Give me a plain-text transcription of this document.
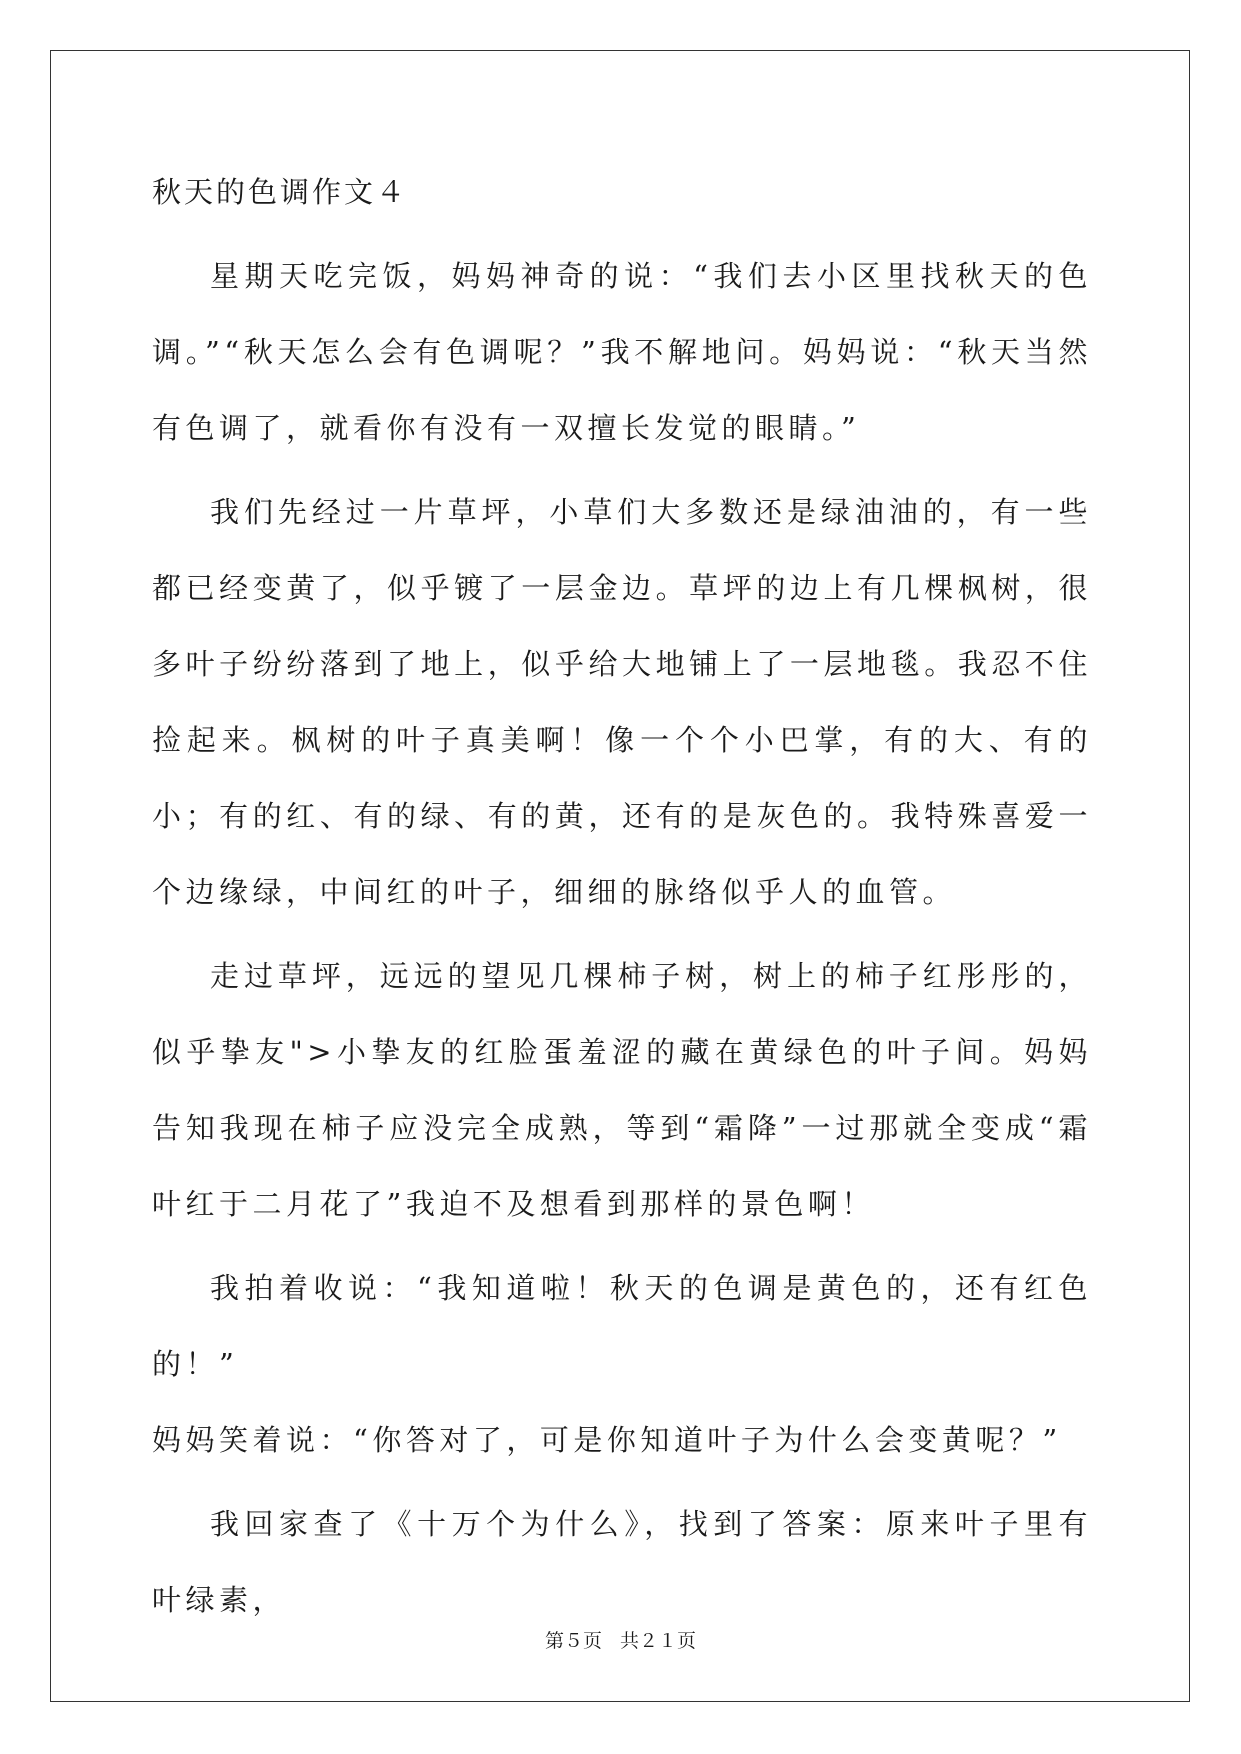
秋天的色调作文４

星期天吃完饭，妈妈神奇的说：“我们去小区里找秋天的色调。”“秋天怎么会有色调呢？”我不解地问。妈妈说：“秋天当然有色调了，就看你有没有一双擅长发觉的眼睛。”

我们先经过一片草坪，小草们大多数还是绿油油的，有一些都已经变黄了，似乎镀了一层金边。草坪的边上有几棵枫树，很多叶子纷纷落到了地上，似乎给大地铺上了一层地毯。我忍不住捡起来。枫树的叶子真美啊！像一个个小巴掌，有的大、有的小；有的红、有的绿、有的黄，还有的是灰色的。我特殊喜爱一个边缘绿，中间红的叶子，细细的脉络似乎人的血管。

走过草坪，远远的望见几棵柿子树，树上的柿子红彤彤的，似乎挚友">小挚友的红脸蛋羞涩的藏在黄绿色的叶子间。妈妈告知我现在柿子应没完全成熟，等到“霜降”一过那就全变成“霜叶红于二月花了”我迫不及想看到那样的景色啊！

我拍着收说：“我知道啦！秋天的色调是黄色的，还有红色的！”

妈妈笑着说：“你答对了，可是你知道叶子为什么会变黄呢？”

我回家查了《十万个为什么》，找到了答案：原来叶子里有叶绿素，

第５页 共２１页
